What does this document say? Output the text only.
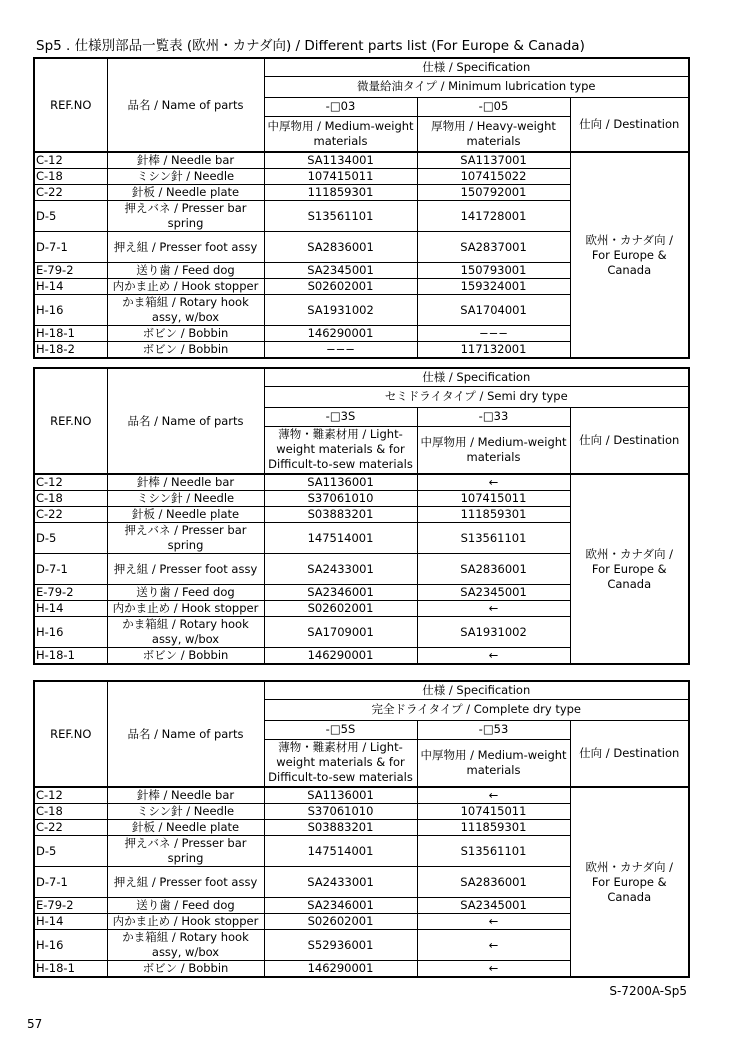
Sp5 . 仕様別部品一覧表 (欧州・カナダ向) / Different parts list (For Europe & Canada)
REF.NO	品名 / Name of parts	仕様 / Specification		
		微量給油タイプ / Minimum lubrication type		
		-□03	-□05	仕向 / Destination
		中厚物用 / Medium-weight materials	厚物用 / Heavy-weight materials	
C-12	針棒 / Needle bar	SA1134001	SA1137001	欧州・カナダ向 / For Europe & Canada
C-18	ミシン針 / Needle	107415011	107415022	
C-22	針板 / Needle plate	111859301	150792001	
D-5	押えバネ / Presser bar spring	S13561101	141728001	
D-7-1	押え組 / Presser foot assy	SA2836001	SA2837001	
E-79-2	送り歯 / Feed dog	SA2345001	150793001	
H-14	内かま止め / Hook stopper	S02602001	159324001	
H-16	かま箱組 / Rotary hook assy, w/box	SA1931002	SA1704001	
H-18-1	ボビン / Bobbin	146290001	−−−	
H-18-2	ボビン / Bobbin	−−−	117132001	
REF.NO	品名 / Name of parts	仕様 / Specification		
		セミドライタイプ / Semi dry type		
		-□3S	-□33	仕向 / Destination
		薄物・難素材用 / Light-weight materials & for Difficult-to-sew materials	中厚物用 / Medium-weight materials	
C-12	針棒 / Needle bar	SA1136001	←	欧州・カナダ向 / For Europe & Canada
C-18	ミシン針 / Needle	S37061010	107415011	
C-22	針板 / Needle plate	S03883201	111859301	
D-5	押えバネ / Presser bar spring	147514001	S13561101	
D-7-1	押え組 / Presser foot assy	SA2433001	SA2836001	
E-79-2	送り歯 / Feed dog	SA2346001	SA2345001	
H-14	内かま止め / Hook stopper	S02602001	←	
H-16	かま箱組 / Rotary hook assy, w/box	SA1709001	SA1931002	
H-18-1	ボビン / Bobbin	146290001	←	
REF.NO	品名 / Name of parts	仕様 / Specification		
		完全ドライタイプ / Complete dry type		
		-□5S	-□53	仕向 / Destination
		薄物・難素材用 / Light-weight materials & for Difficult-to-sew materials	中厚物用 / Medium-weight materials	
C-12	針棒 / Needle bar	SA1136001	←	欧州・カナダ向 / For Europe & Canada
C-18	ミシン針 / Needle	S37061010	107415011	
C-22	針板 / Needle plate	S03883201	111859301	
D-5	押えバネ / Presser bar spring	147514001	S13561101	
D-7-1	押え組 / Presser foot assy	SA2433001	SA2836001	
E-79-2	送り歯 / Feed dog	SA2346001	SA2345001	
H-14	内かま止め / Hook stopper	S02602001	←	
H-16	かま箱組 / Rotary hook assy, w/box	S52936001	←	
H-18-1	ボビン / Bobbin	146290001	←	
S-7200A-Sp5
57
